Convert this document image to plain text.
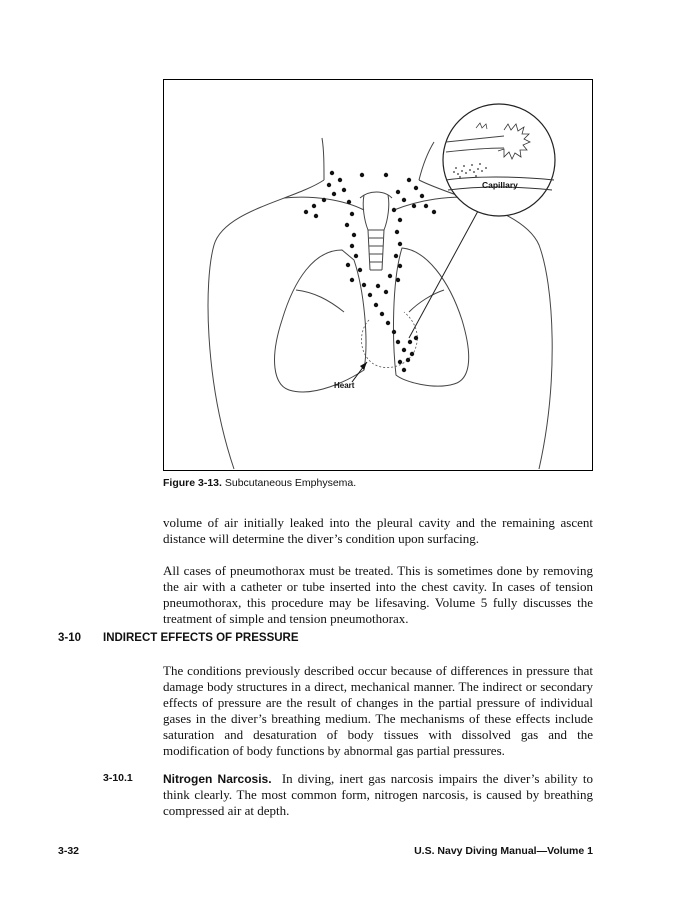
Heart
Capillary
Figure 3-13. Subcutaneous Emphysema.

volume of air initially leaked into the pleural cavity and the remaining ascent distance will determine the diver’s condition upon surfacing.

All cases of pneumothorax must be treated. This is sometimes done by removing the air with a catheter or tube inserted into the chest cavity. In cases of tension pneumothorax, this procedure may be lifesaving. Volume 5 fully discusses the treatment of simple and tension pneumothorax.

3-10 INDIRECT EFFECTS OF PRESSURE

The conditions previously described occur because of differences in pressure that damage body structures in a direct, mechanical manner. The indirect or secondary effects of pressure are the result of changes in the partial pressure of individual gases in the diver’s breathing medium. The mechanisms of these effects include saturation and desaturation of body tissues with dissolved gas and the modification of body functions by abnormal gas partial pressures.

3-10.1	Nitrogen Narcosis. In diving, inert gas narcosis impairs the diver’s ability to think clearly. The most common form, nitrogen narcosis, is caused by breathing compressed air at depth.

3-32	U.S. Navy Diving Manual—Volume 1
